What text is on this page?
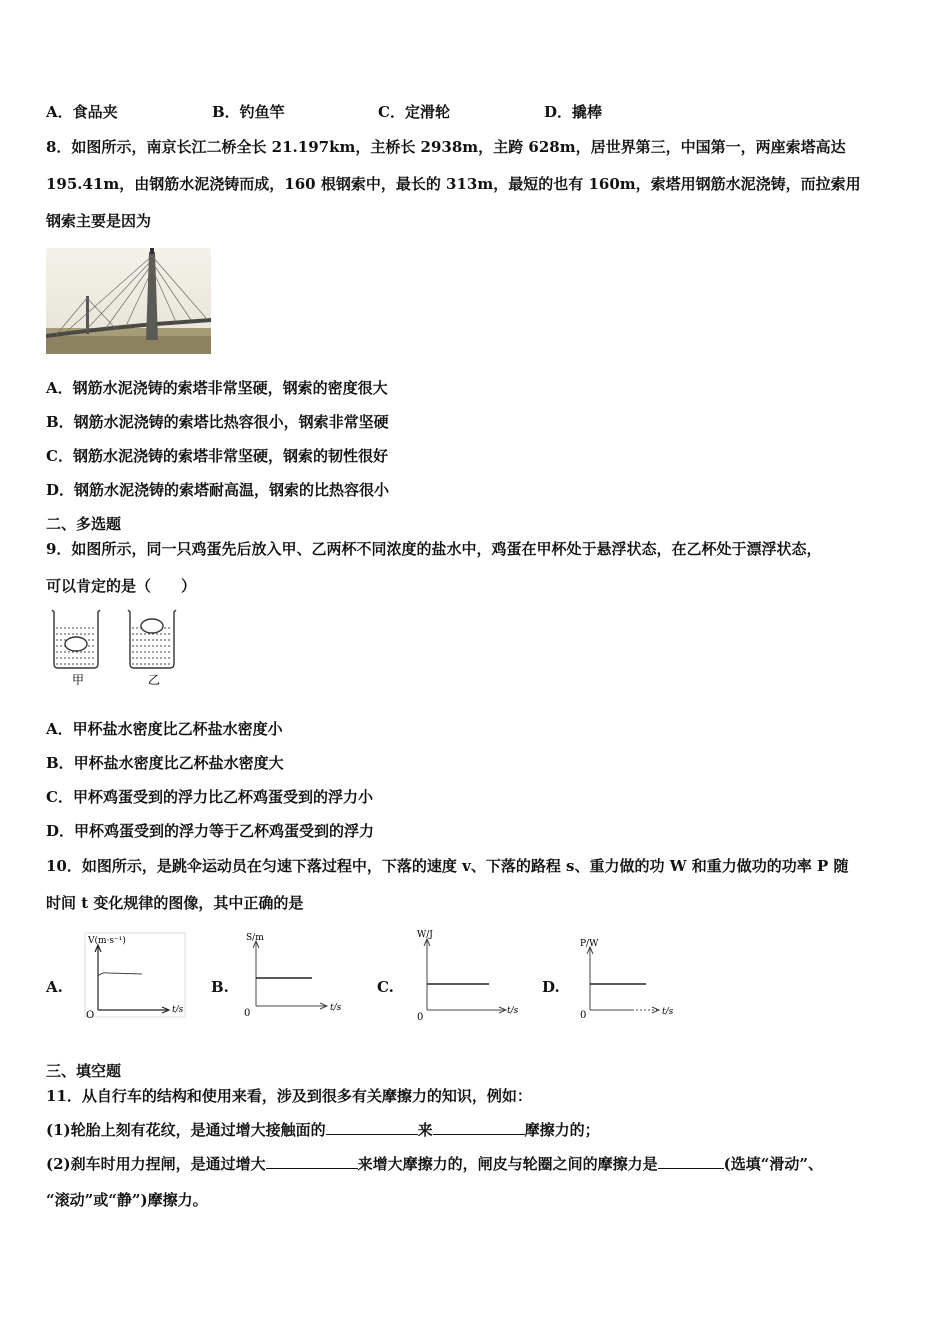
A．食品夹	B．钓鱼竿	C．定滑轮	D．撬棒
8．如图所示，南京长江二桥全长 21.197km，主桥长 2938m，主跨 628m，居世界第三，中国第一，两座索塔高达
195.41m，由钢筋水泥浇铸而成，160 根钢索中，最长的 313m，最短的也有 160m，索塔用钢筋水泥浇铸，而拉索用
钢索主要是因为
A．钢筋水泥浇铸的索塔非常坚硬，钢索的密度很大
B．钢筋水泥浇铸的索塔比热容很小，钢索非常坚硬
C．钢筋水泥浇铸的索塔非常坚硬，钢索的韧性很好
D．钢筋水泥浇铸的索塔耐高温，钢索的比热容很小
二、多选题
9．如图所示，同一只鸡蛋先后放入甲、乙两杯不同浓度的盐水中，鸡蛋在甲杯处于悬浮状态，在乙杯处于漂浮状态，
可以肯定的是（　　）
甲	乙
A．甲杯盐水密度比乙杯盐水密度小
B．甲杯盐水密度比乙杯盐水密度大
C．甲杯鸡蛋受到的浮力比乙杯鸡蛋受到的浮力小
D．甲杯鸡蛋受到的浮力等于乙杯鸡蛋受到的浮力
10．如图所示，是跳伞运动员在匀速下落过程中，下落的速度 v、下落的路程 s、重力做的功 W 和重力做功的功率 P 随
时间 t 变化规律的图像，其中正确的是
A.	B.	C.	D.
V(m·s⁻¹)
t/s
O
S/m
t/s
0
W/J
t/s
0
P/W
t/s
0
三、填空题
11．从自行车的结构和使用来看，涉及到很多有关摩擦力的知识，例如：
(1)轮胎上刻有花纹，是通过增大接触面的	来	摩擦力的；
(2)刹车时用力捏闸，是通过增大	来增大摩擦力的，闸皮与轮圈之间的摩擦力是	(选填“滑动”、
“滚动”或“静”)摩擦力。
